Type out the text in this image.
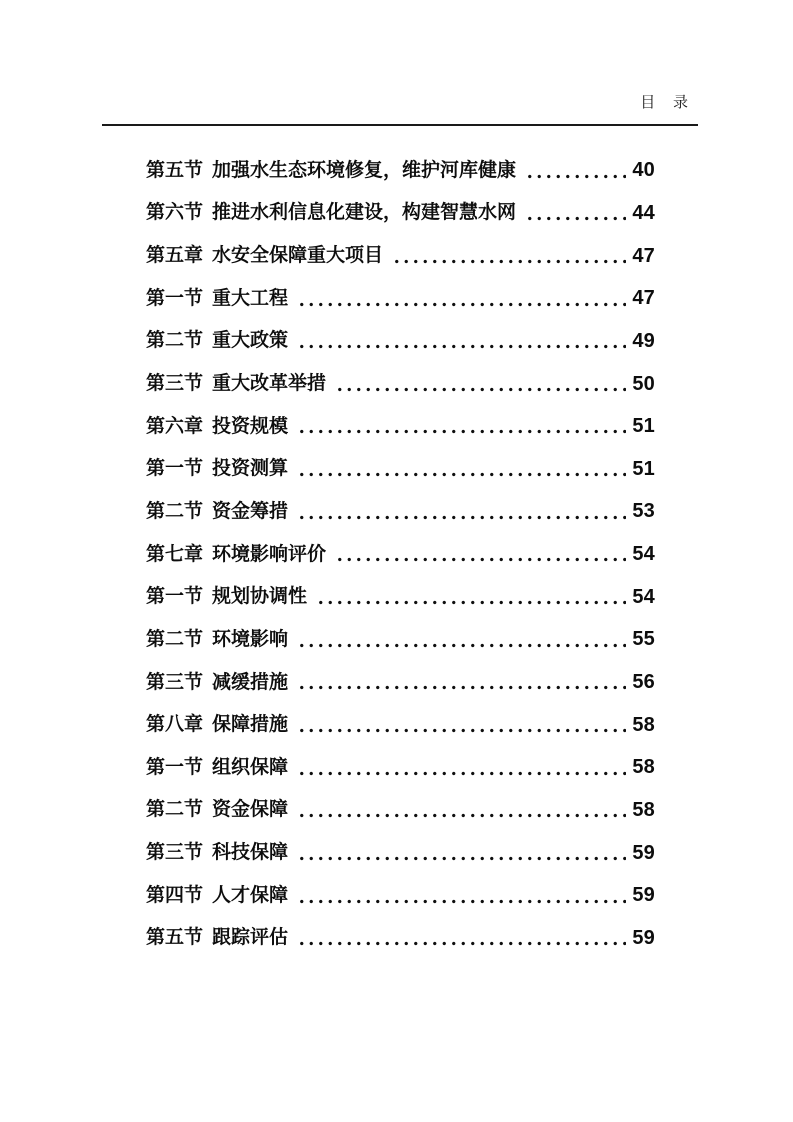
目 录
第五节 加强水生态环境修复，维护河库健康	40
第六节 推进水利信息化建设，构建智慧水网	44
第五章 水安全保障重大项目	47
第一节 重大工程	47
第二节 重大政策	49
第三节 重大改革举措	50
第六章 投资规模	51
第一节 投资测算	51
第二节 资金筹措	53
第七章 环境影响评价	54
第一节 规划协调性	54
第二节 环境影响	55
第三节 减缓措施	56
第八章 保障措施	58
第一节 组织保障	58
第二节 资金保障	58
第三节 科技保障	59
第四节 人才保障	59
第五节 跟踪评估	59
